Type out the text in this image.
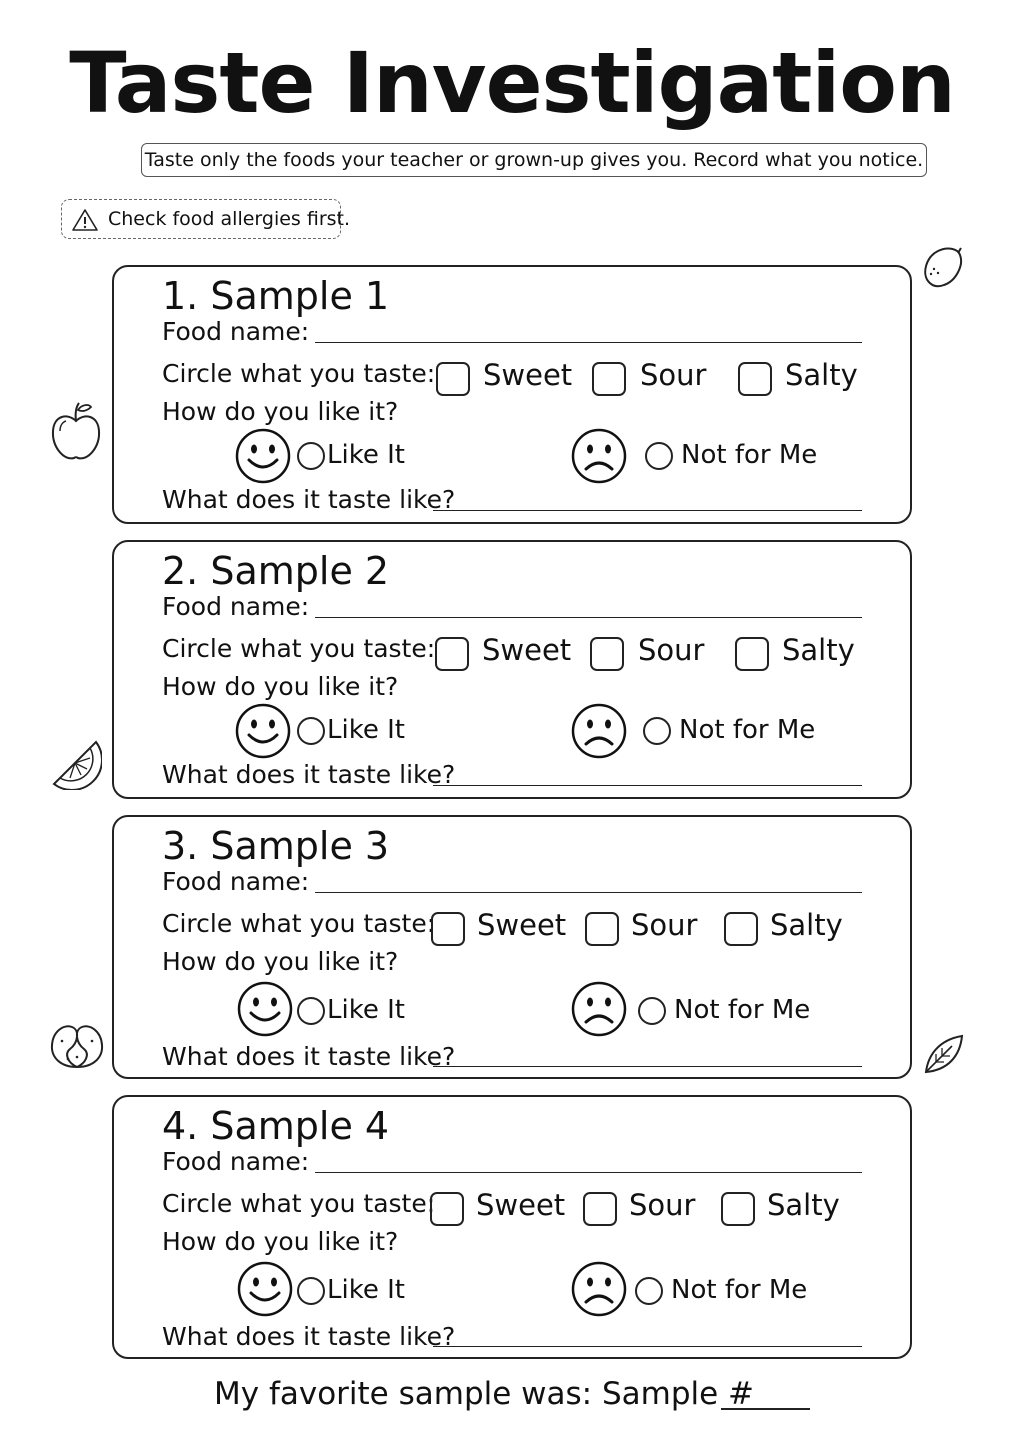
Taste Investigation
Taste only the foods your teacher or grown-up gives you. Record what you notice.
Check food allergies first.
1. Sample 1
Food name:
Circle what you taste: Sweet Sour	Salty
How do you like it?
Like It	Not for Me
What does it taste like?
2. Sample 2
Food name:
Circle what you taste: Sweet Sour	Salty
How do you like it?
Like It	Not for Me
What does it taste like?
3. Sample 3
Food name:
Circle what you taste: Sweet Sour	Salty
How do you like it?
Like It	Not for Me
What does it taste like?
4. Sample 4
Food name:
Circle what you taste: Sweet Sour Salty
How do you like it?
Like It	Not for Me
What does it taste like?
My favorite sample was: Sample #
